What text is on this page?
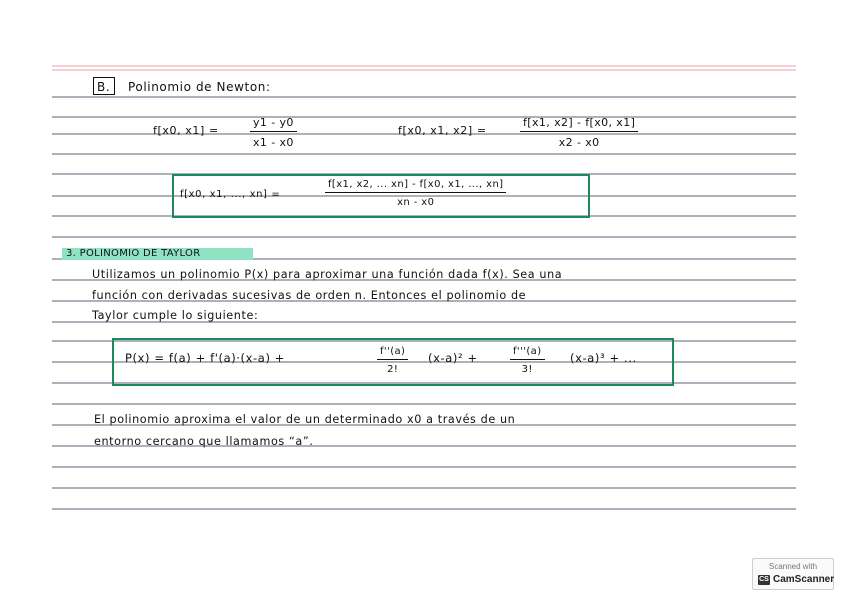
B. Polinomio de Newton:
f[x0, x1] =	$\frac{y1 - y0}{x1 - x0}$	f[x0, x1, x2] =	$\frac{f[x1, x2] - f[x0, x1]}{x2 - x0}$
f[x0, x1, ..., xn] =	$\frac{f[x1, x2, ... xn] - f[x0, x1, ..., xn]}{xn - x0}$
3. POLINOMIO DE TAYLOR
Utilizamos un polinomio P(x) para aproximar una función dada f(x). Sea una
función con derivadas sucesivas de orden n. Entonces el polinomio de
Taylor cumple lo siguiente:
P(x) = f(a) + f'(a)·(x-a) +	$\frac{f''(a)}{2!} (x-a)^2$ +	$\frac{f'''(a)}{3!} (x-a)^3$ + ...
El polinomio aproxima el valor de un determinado x0 a través de un
entorno cercano que llamamos “a”.
Scanned with
CS CamScanner
